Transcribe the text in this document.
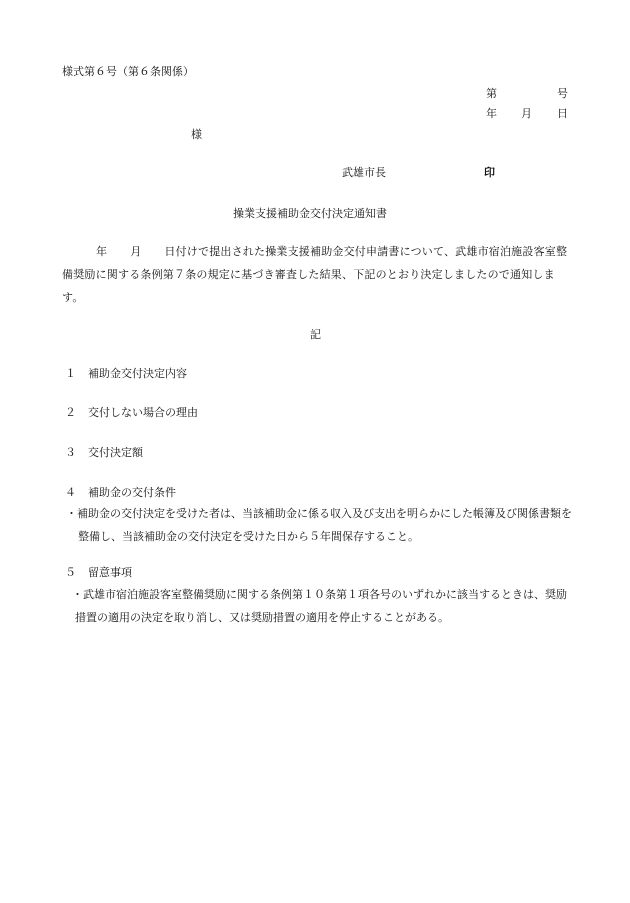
様式第６号（第６条関係）
第	号
年 月 日
様
武雄市長	印
操業支援補助金交付決定通知書
年 月 日付けで提出された操業支援補助金交付申請書について、武雄市宿泊施設客室整備奨励に関する条例第７条の規定に基づき審査した結果、下記のとおり決定しましたので通知します。
記
１ 補助金交付決定内容
２ 交付しない場合の理由
３ 交付決定額
４ 補助金の交付条件
・補助金の交付決定を受けた者は、当該補助金に係る収入及び支出を明らかにした帳簿及び関係書類を整備し、当該補助金の交付決定を受けた日から５年間保存すること。
５ 留意事項
・武雄市宿泊施設客室整備奨励に関する条例第１０条第１項各号のいずれかに該当するときは、奨励措置の適用の決定を取り消し、又は奨励措置の適用を停止することがある。
